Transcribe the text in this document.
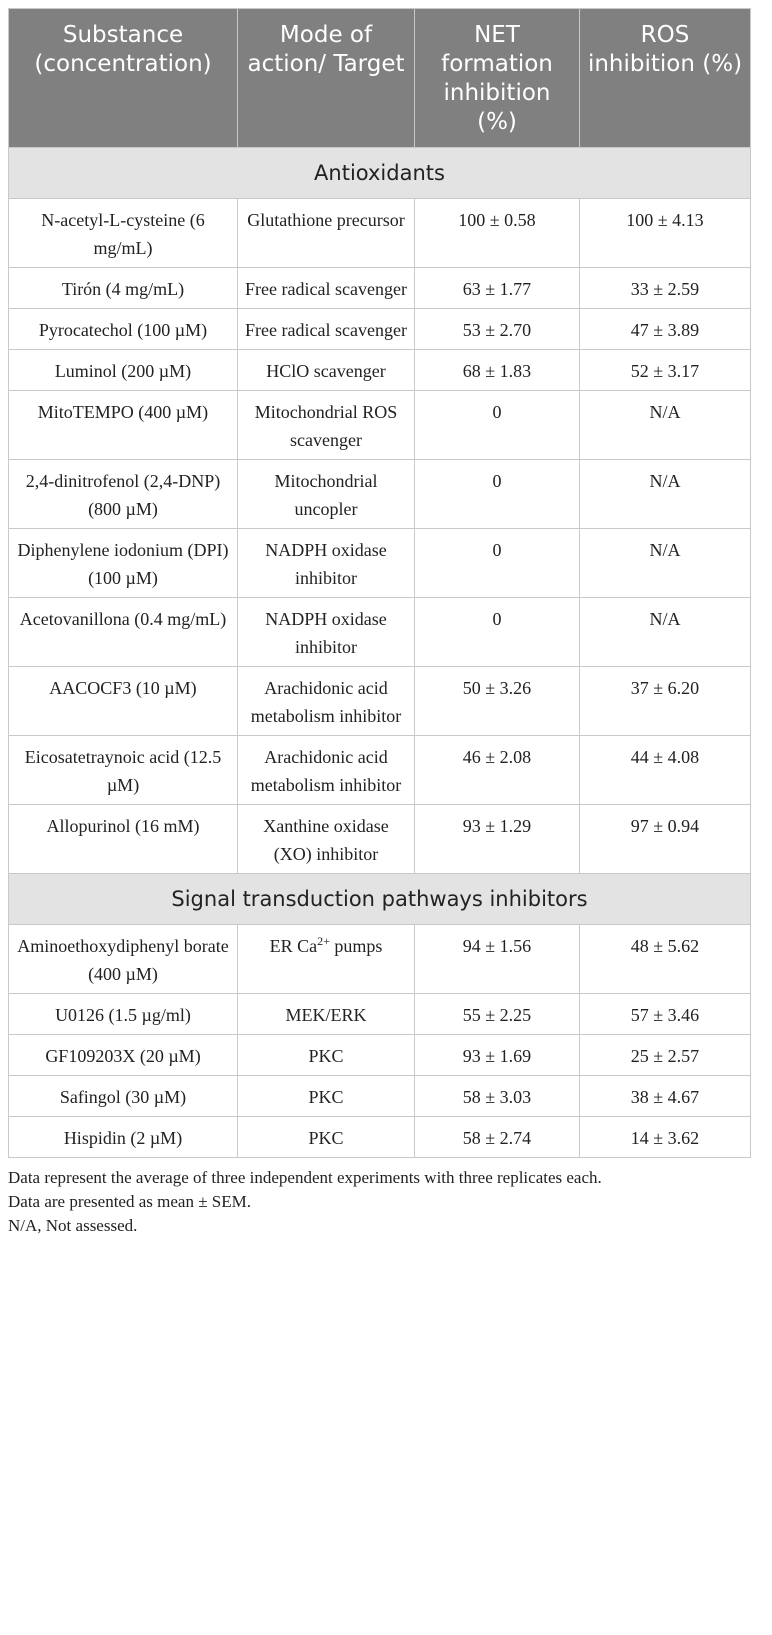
Substance (concentration)	Mode of action/ Target	NET formation inhibition (%)	ROS inhibition (%)
Antioxidants			
N-acetyl-L-cysteine (6 mg/mL)	Glutathione precursor	100 ± 0.58	100 ± 4.13
Tirón (4 mg/mL)	Free radical scavenger	63 ± 1.77	33 ± 2.59
Pyrocatechol (100 µM)	Free radical scavenger	53 ± 2.70	47 ± 3.89
Luminol (200 µM)	HClO scavenger	68 ± 1.83	52 ± 3.17
MitoTEMPO (400 µM)	Mitochondrial ROS scavenger	0	N/A
2,4-dinitrofenol (2,4-DNP) (800 µM)	Mitochondrial uncopler	0	N/A
Diphenylene iodonium (DPI) (100 µM)	NADPH oxidase inhibitor	0	N/A
Acetovanillona (0.4 mg/mL)	NADPH oxidase inhibitor	0	N/A
AACOCF3 (10 µM)	Arachidonic acid metabolism inhibitor	50 ± 3.26	37 ± 6.20
Eicosatetraynoic acid (12.5 µM)	Arachidonic acid metabolism inhibitor	46 ± 2.08	44 ± 4.08
Allopurinol (16 mM)	Xanthine oxidase (XO) inhibitor	93 ± 1.29	97 ± 0.94
Signal transduction pathways inhibitors			
Aminoethoxydiphenyl borate (400 µM)	ER $Ca^{2+}$ pumps	94 ± 1.56	48 ± 5.62
U0126 (1.5 µg/ml)	MEK/ERK	55 ± 2.25	57 ± 3.46
GF109203X (20 µM)	PKC	93 ± 1.69	25 ± 2.57
Safingol (30 µM)	PKC	58 ± 3.03	38 ± 4.67
Hispidin (2 µM)	PKC	58 ± 2.74	14 ± 3.62
Data represent the average of three independent experiments with three replicates each.
Data are presented as mean ± SEM.
N/A, Not assessed.
